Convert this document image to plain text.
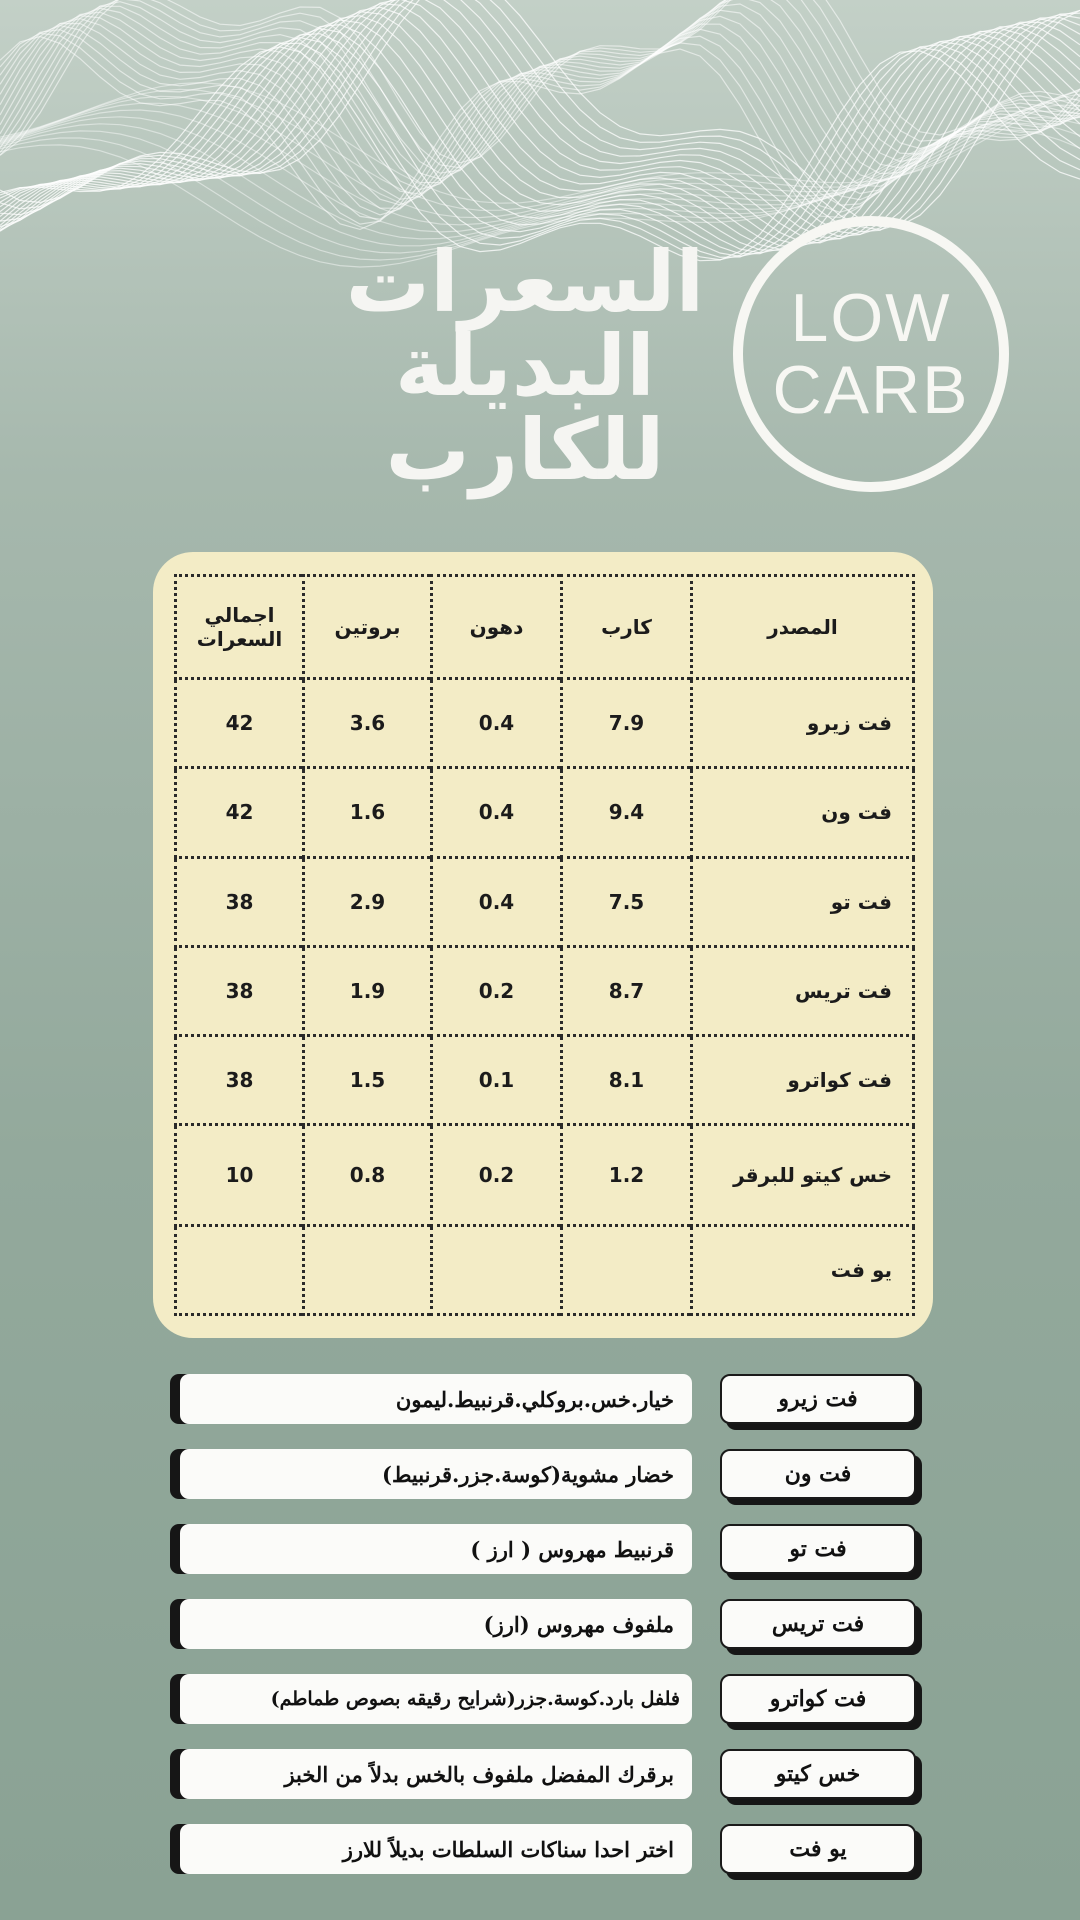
السعرات
البديلة
للكارب
LOW
CARB
المصدر	كارب	دهون	بروتين	اجمالي السعرات
فت زيرو	7.9	0.4	3.6	42
فت ون	9.4	0.4	1.6	42
فت تو	7.5	0.4	2.9	38
فت تريس	8.7	0.2	1.9	38
فت كواترو	8.1	0.1	1.5	38
خس كيتو للبرقر	1.2	0.2	0.8	10
يو فت				
فت زيرو
خيار.خس.بروكلي.قرنبيط.ليمون
فت ون
خضار مشوية(كوسة.جزر.قرنبيط)
فت تو
قرنبيط مهروس ( ارز )
فت تريس
ملفوف مهروس (ارز)
فت كواترو
فلفل بارد.كوسة.جزر(شرايح رقيقه بصوص طماطم)
خس كيتو
برقرك المفضل ملفوف بالخس بدلاً من الخبز
يو فت
اختر احدا سناكات السلطات بديلاً للارز
